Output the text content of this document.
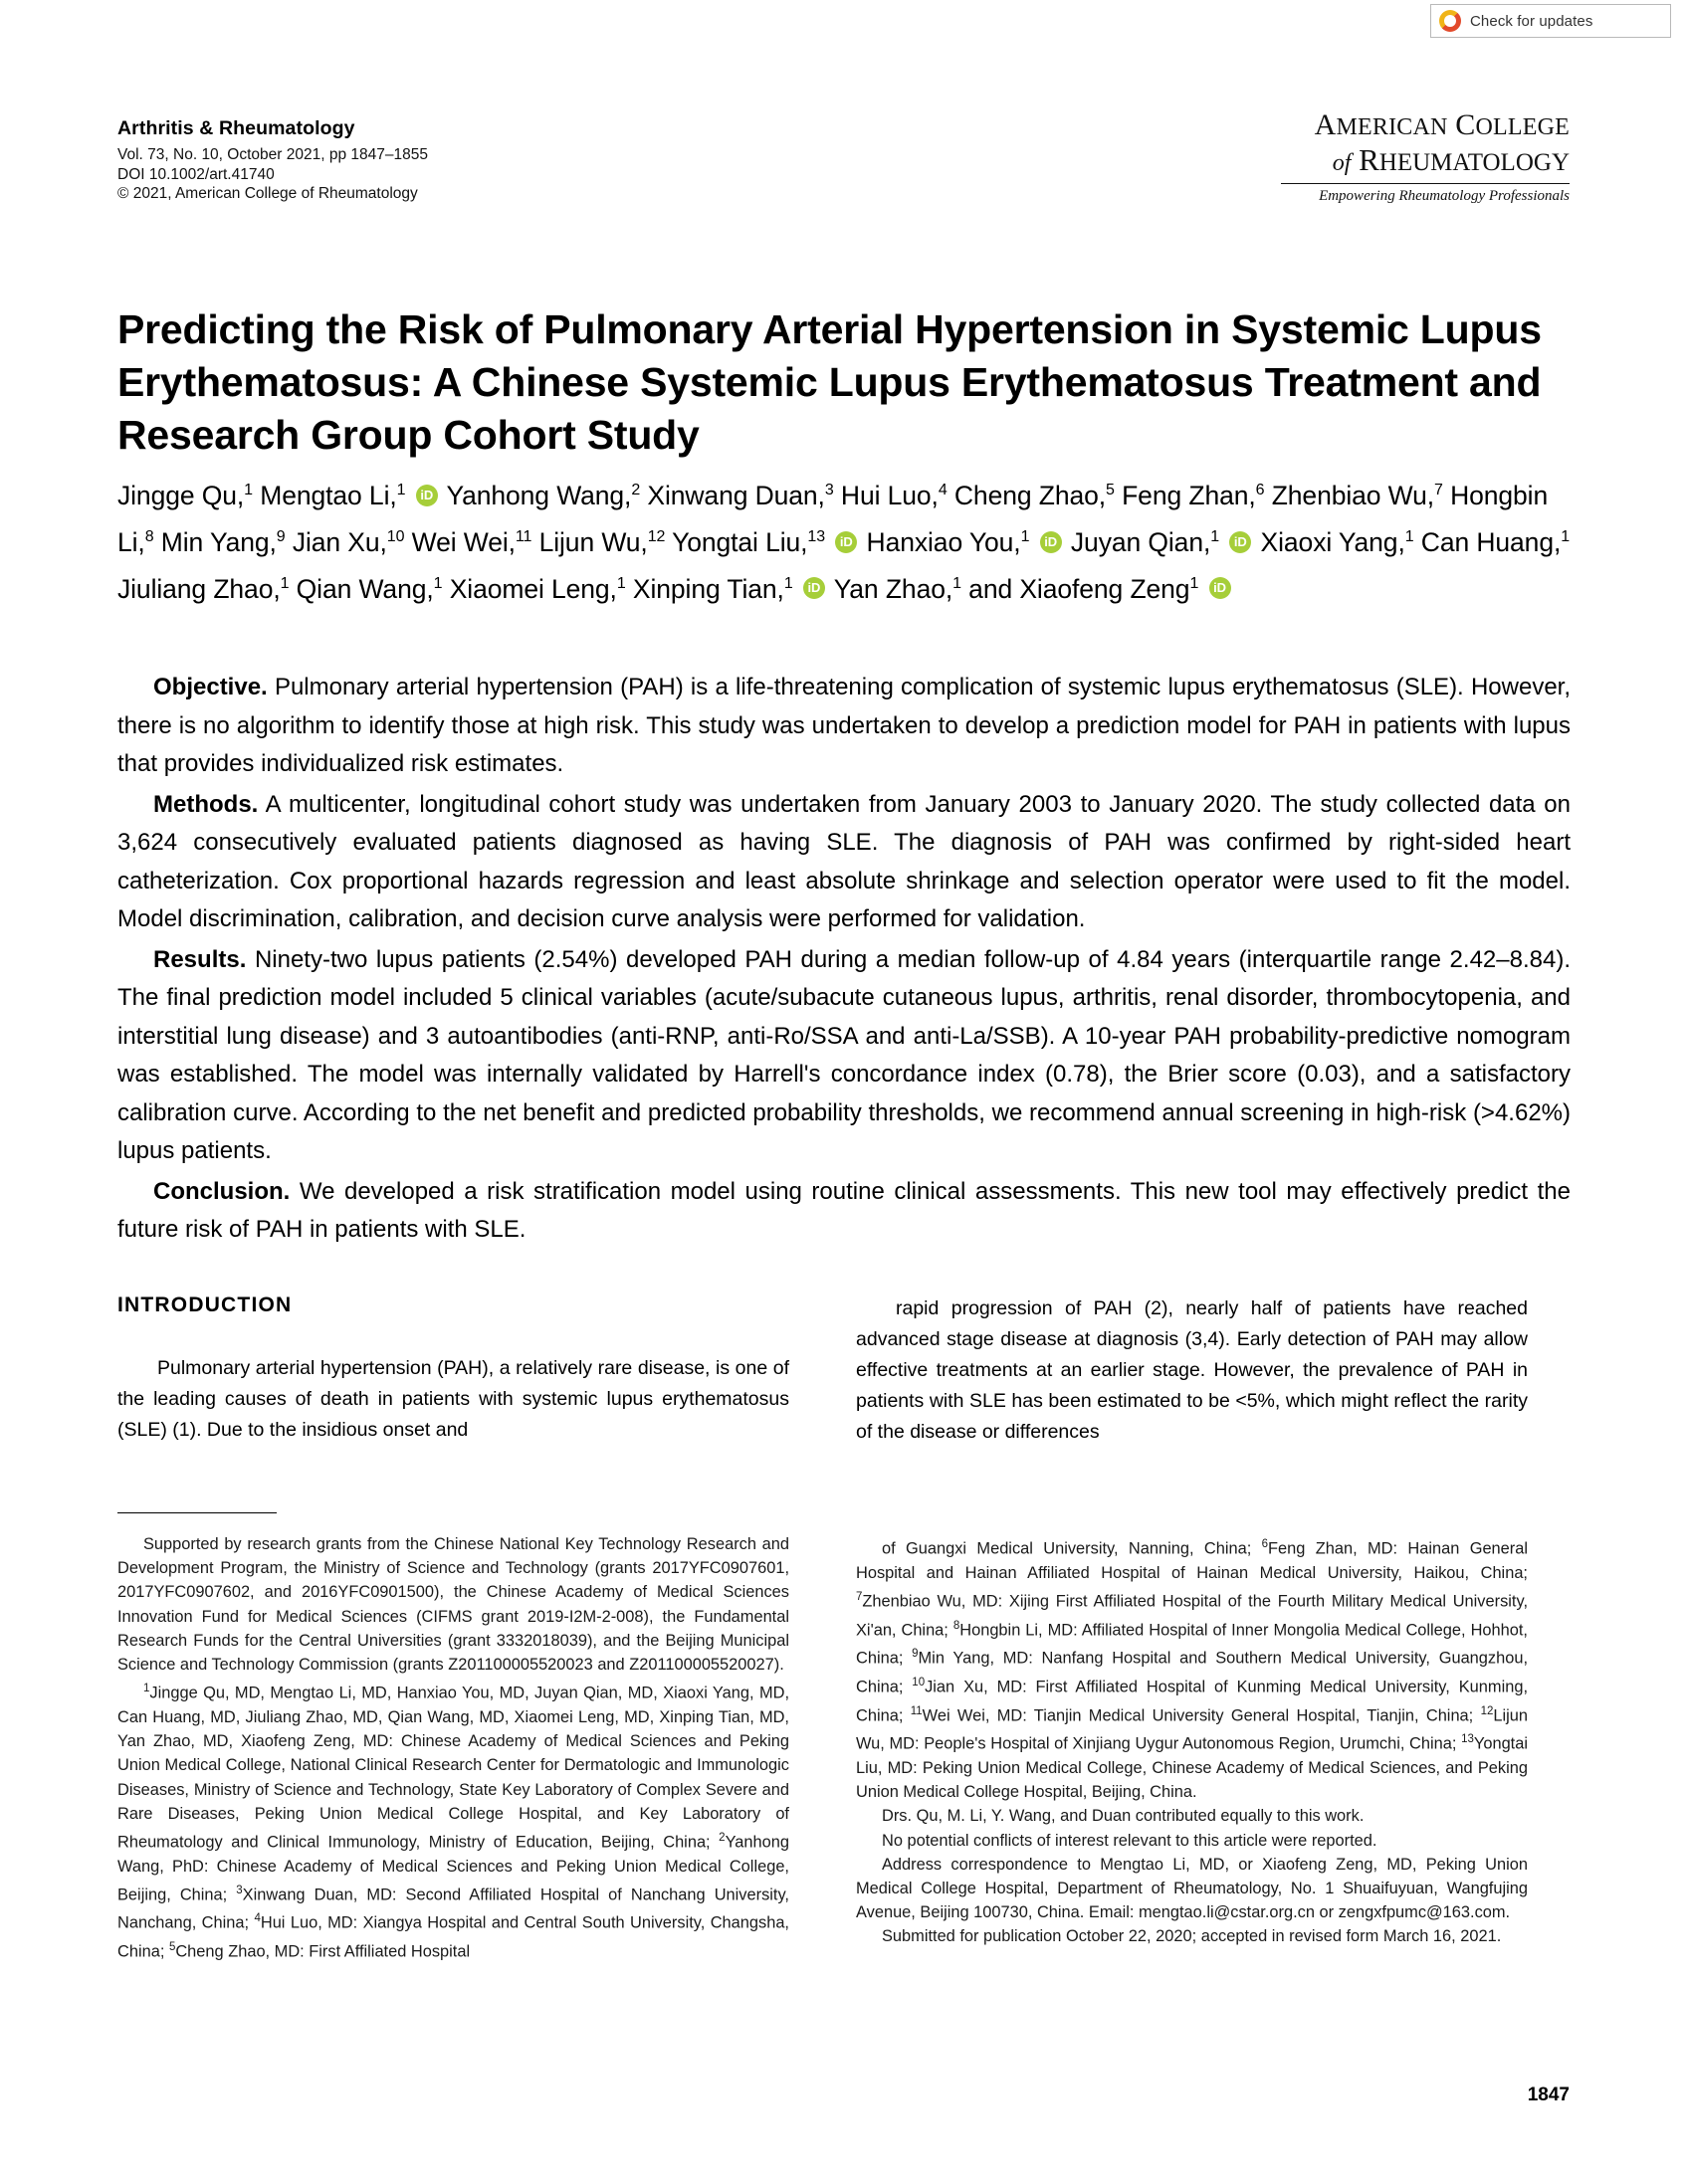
Check for updates
Arthritis & Rheumatology
Vol. 73, No. 10, October 2021, pp 1847–1855
DOI 10.1002/art.41740
© 2021, American College of Rheumatology
AMERICAN COLLEGE
of RHEUMATOLOGY
Empowering Rheumatology Professionals
Predicting the Risk of Pulmonary Arterial Hypertension in Systemic Lupus Erythematosus: A Chinese Systemic Lupus Erythematosus Treatment and Research Group Cohort Study
Jingge Qu,$^1$ Mengtao Li,$^1$ iD Yanhong Wang,$^2$ Xinwang Duan,$^3$ Hui Luo,$^4$ Cheng Zhao,$^5$ Feng Zhan,$^6$ Zhenbiao Wu,$^7$ Hongbin Li,$^8$ Min Yang,$^9$ Jian Xu,$^{10}$ Wei Wei,$^{11}$ Lijun Wu,$^{12}$ Yongtai Liu,$^{13}$ iD Hanxiao You,$^1$ iD Juyan Qian,$^1$ iD Xiaoxi Yang,$^1$ Can Huang,$^1$ Jiuliang Zhao,$^1$ Qian Wang,$^1$ Xiaomei Leng,$^1$ Xinping Tian,$^1$ iD Yan Zhao,$^1$ and Xiaofeng Zeng$^1$ iD

Objective. Pulmonary arterial hypertension (PAH) is a life-threatening complication of systemic lupus erythematosus (SLE). However, there is no algorithm to identify those at high risk. This study was undertaken to develop a prediction model for PAH in patients with lupus that provides individualized risk estimates.

Methods. A multicenter, longitudinal cohort study was undertaken from January 2003 to January 2020. The study collected data on 3,624 consecutively evaluated patients diagnosed as having SLE. The diagnosis of PAH was confirmed by right-sided heart catheterization. Cox proportional hazards regression and least absolute shrinkage and selection operator were used to fit the model. Model discrimination, calibration, and decision curve analysis were performed for validation.

Results. Ninety-two lupus patients (2.54%) developed PAH during a median follow-up of 4.84 years (interquartile range 2.42–8.84). The final prediction model included 5 clinical variables (acute/subacute cutaneous lupus, arthritis, renal disorder, thrombocytopenia, and interstitial lung disease) and 3 autoantibodies (anti-RNP, anti-Ro/SSA and anti-La/SSB). A 10-year PAH probability-predictive nomogram was established. The model was internally validated by Harrell's concordance index (0.78), the Brier score (0.03), and a satisfactory calibration curve. According to the net benefit and predicted probability thresholds, we recommend annual screening in high-risk (>4.62%) lupus patients.

Conclusion. We developed a risk stratification model using routine clinical assessments. This new tool may effectively predict the future risk of PAH in patients with SLE.

INTRODUCTION

Pulmonary arterial hypertension (PAH), a relatively rare disease, is one of the leading causes of death in patients with systemic lupus erythematosus (SLE) (1). Due to the insidious onset and

rapid progression of PAH (2), nearly half of patients have reached advanced stage disease at diagnosis (3,4). Early detection of PAH may allow effective treatments at an earlier stage. However, the prevalence of PAH in patients with SLE has been estimated to be <5%, which might reflect the rarity of the disease or differences

Supported by research grants from the Chinese National Key Technology Research and Development Program, the Ministry of Science and Technology (grants 2017YFC0907601, 2017YFC0907602, and 2016YFC0901500), the Chinese Academy of Medical Sciences Innovation Fund for Medical Sciences (CIFMS grant 2019-I2M-2-008), the Fundamental Research Funds for the Central Universities (grant 3332018039), and the Beijing Municipal Science and Technology Commission (grants Z201100005520023 and Z201100005520027).

$^1$Jingge Qu, MD, Mengtao Li, MD, Hanxiao You, MD, Juyan Qian, MD, Xiaoxi Yang, MD, Can Huang, MD, Jiuliang Zhao, MD, Qian Wang, MD, Xiaomei Leng, MD, Xinping Tian, MD, Yan Zhao, MD, Xiaofeng Zeng, MD: Chinese Academy of Medical Sciences and Peking Union Medical College, National Clinical Research Center for Dermatologic and Immunologic Diseases, Ministry of Science and Technology, State Key Laboratory of Complex Severe and Rare Diseases, Peking Union Medical College Hospital, and Key Laboratory of Rheumatology and Clinical Immunology, Ministry of Education, Beijing, China; $^2$Yanhong Wang, PhD: Chinese Academy of Medical Sciences and Peking Union Medical College, Beijing, China; $^3$Xinwang Duan, MD: Second Affiliated Hospital of Nanchang University, Nanchang, China; $^4$Hui Luo, MD: Xiangya Hospital and Central South University, Changsha, China; $^5$Cheng Zhao, MD: First Affiliated Hospital

of Guangxi Medical University, Nanning, China; $^6$Feng Zhan, MD: Hainan General Hospital and Hainan Affiliated Hospital of Hainan Medical University, Haikou, China; $^7$Zhenbiao Wu, MD: Xijing First Affiliated Hospital of the Fourth Military Medical University, Xi'an, China; $^8$Hongbin Li, MD: Affiliated Hospital of Inner Mongolia Medical College, Hohhot, China; $^9$Min Yang, MD: Nanfang Hospital and Southern Medical University, Guangzhou, China; $^{10}$Jian Xu, MD: First Affiliated Hospital of Kunming Medical University, Kunming, China; $^{11}$Wei Wei, MD: Tianjin Medical University General Hospital, Tianjin, China; $^{12}$Lijun Wu, MD: People's Hospital of Xinjiang Uygur Autonomous Region, Urumchi, China; $^{13}$Yongtai Liu, MD: Peking Union Medical College, Chinese Academy of Medical Sciences, and Peking Union Medical College Hospital, Beijing, China.

Drs. Qu, M. Li, Y. Wang, and Duan contributed equally to this work.

No potential conflicts of interest relevant to this article were reported.

Address correspondence to Mengtao Li, MD, or Xiaofeng Zeng, MD, Peking Union Medical College Hospital, Department of Rheumatology, No. 1 Shuaifuyuan, Wangfujing Avenue, Beijing 100730, China. Email: mengtao.li@cstar.org.cn or zengxfpumc@163.com.

Submitted for publication October 22, 2020; accepted in revised form March 16, 2021.

1847
